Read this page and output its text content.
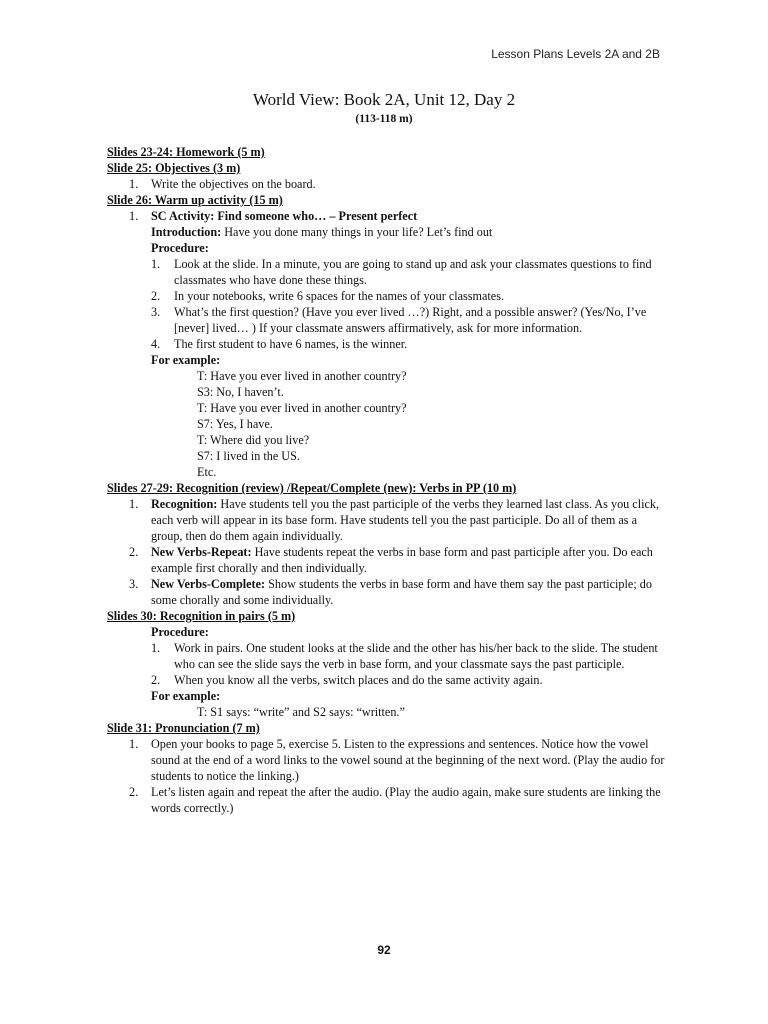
Lesson Plans Levels 2A and 2B
World View: Book 2A, Unit 12, Day 2
(113-118 m)
Slides 23-24: Homework (5 m)
Slide 25: Objectives (3 m)
1. Write the objectives on the board.
Slide 26: Warm up activity (15 m)
1. SC Activity: Find someone who… – Present perfect
Introduction: Have you done many things in your life? Let’s find out
Procedure:
1. Look at the slide. In a minute, you are going to stand up and ask your classmates questions to find classmates who have done these things.
2. In your notebooks, write 6 spaces for the names of your classmates.
3. What’s the first question? (Have you ever lived …?) Right, and a possible answer? (Yes/No, I’ve [never] lived… ) If your classmate answers affirmatively, ask for more information.
4. The first student to have 6 names, is the winner.
For example:
T: Have you ever lived in another country?
S3: No, I haven’t.
T: Have you ever lived in another country?
S7: Yes, I have.
T: Where did you live?
S7: I lived in the US.
Etc.
Slides 27-29: Recognition (review) /Repeat/Complete (new): Verbs in PP (10 m)
1. Recognition: Have students tell you the past participle of the verbs they learned last class. As you click, each verb will appear in its base form. Have students tell you the past participle. Do all of them as a group, then do them again individually.
2. New Verbs-Repeat: Have students repeat the verbs in base form and past participle after you. Do each example first chorally and then individually.
3. New Verbs-Complete: Show students the verbs in base form and have them say the past participle; do some chorally and some individually.
Slides 30: Recognition in pairs (5 m)
Procedure:
1. Work in pairs. One student looks at the slide and the other has his/her back to the slide. The student who can see the slide says the verb in base form, and your classmate says the past participle.
2. When you know all the verbs, switch places and do the same activity again.
For example:
T: S1 says: “write” and S2 says: “written.”
Slide 31: Pronunciation (7 m)
1. Open your books to page 5, exercise 5. Listen to the expressions and sentences. Notice how the vowel sound at the end of a word links to the vowel sound at the beginning of the next word. (Play the audio for students to notice the linking.)
2. Let’s listen again and repeat the after the audio. (Play the audio again, make sure students are linking the words correctly.)
92
